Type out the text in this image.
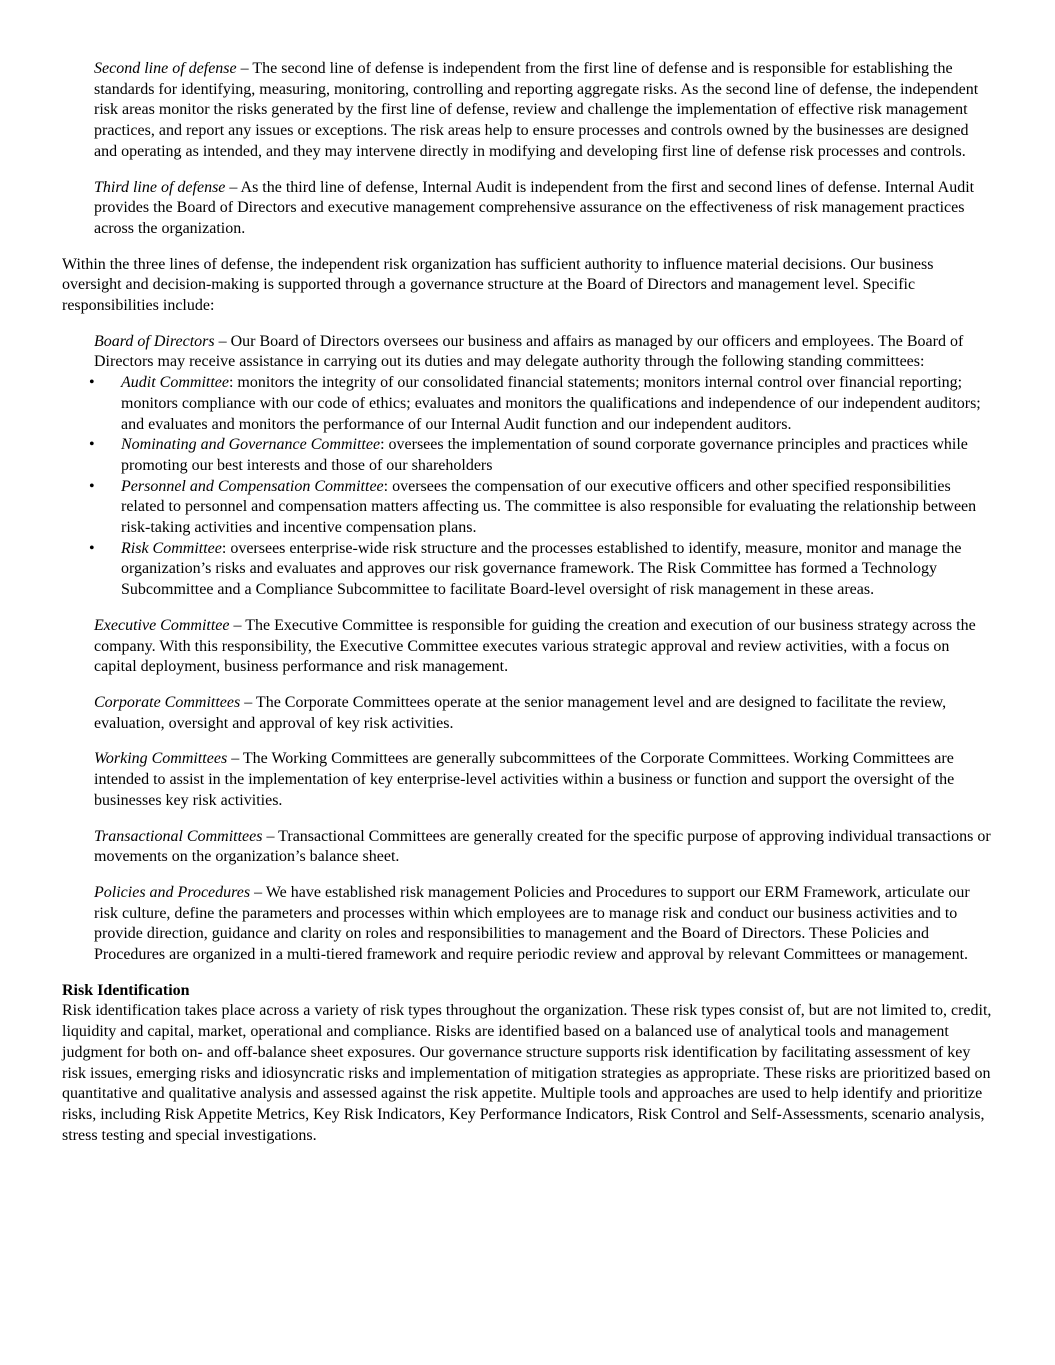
Second line of defense – The second line of defense is independent from the first line of defense and is responsible for establishing the standards for identifying, measuring, monitoring, controlling and reporting aggregate risks. As the second line of defense, the independent risk areas monitor the risks generated by the first line of defense, review and challenge the implementation of effective risk management practices, and report any issues or exceptions. The risk areas help to ensure processes and controls owned by the businesses are designed and operating as intended, and they may intervene directly in modifying and developing first line of defense risk processes and controls.

Third line of defense – As the third line of defense, Internal Audit is independent from the first and second lines of defense. Internal Audit provides the Board of Directors and executive management comprehensive assurance on the effectiveness of risk management practices across the organization.

Within the three lines of defense, the independent risk organization has sufficient authority to influence material decisions. Our business oversight and decision-making is supported through a governance structure at the Board of Directors and management level. Specific responsibilities include:

Board of Directors – Our Board of Directors oversees our business and affairs as managed by our officers and employees. The Board of Directors may receive assistance in carrying out its duties and may delegate authority through the following standing committees:

• Audit Committee: monitors the integrity of our consolidated financial statements; monitors internal control over financial reporting; monitors compliance with our code of ethics; evaluates and monitors the qualifications and independence of our independent auditors; and evaluates and monitors the performance of our Internal Audit function and our independent auditors.
• Nominating and Governance Committee: oversees the implementation of sound corporate governance principles and practices while promoting our best interests and those of our shareholders
• Personnel and Compensation Committee: oversees the compensation of our executive officers and other specified responsibilities related to personnel and compensation matters affecting us. The committee is also responsible for evaluating the relationship between risk-taking activities and incentive compensation plans.
• Risk Committee: oversees enterprise-wide risk structure and the processes established to identify, measure, monitor and manage the organization’s risks and evaluates and approves our risk governance framework. The Risk Committee has formed a Technology Subcommittee and a Compliance Subcommittee to facilitate Board-level oversight of risk management in these areas.

Executive Committee – The Executive Committee is responsible for guiding the creation and execution of our business strategy across the company. With this responsibility, the Executive Committee executes various strategic approval and review activities, with a focus on capital deployment, business performance and risk management.

Corporate Committees – The Corporate Committees operate at the senior management level and are designed to facilitate the review, evaluation, oversight and approval of key risk activities.

Working Committees – The Working Committees are generally subcommittees of the Corporate Committees. Working Committees are intended to assist in the implementation of key enterprise-level activities within a business or function and support the oversight of the businesses key risk activities.

Transactional Committees – Transactional Committees are generally created for the specific purpose of approving individual transactions or movements on the organization’s balance sheet.

Policies and Procedures – We have established risk management Policies and Procedures to support our ERM Framework, articulate our risk culture, define the parameters and processes within which employees are to manage risk and conduct our business activities and to provide direction, guidance and clarity on roles and responsibilities to management and the Board of Directors. These Policies and Procedures are organized in a multi-tiered framework and require periodic review and approval by relevant Committees or management.

Risk Identification

Risk identification takes place across a variety of risk types throughout the organization. These risk types consist of, but are not limited to, credit, liquidity and capital, market, operational and compliance. Risks are identified based on a balanced use of analytical tools and management judgment for both on- and off-balance sheet exposures. Our governance structure supports risk identification by facilitating assessment of key risk issues, emerging risks and idiosyncratic risks and implementation of mitigation strategies as appropriate. These risks are prioritized based on quantitative and qualitative analysis and assessed against the risk appetite. Multiple tools and approaches are used to help identify and prioritize risks, including Risk Appetite Metrics, Key Risk Indicators, Key Performance Indicators, Risk Control and Self-Assessments, scenario analysis, stress testing and special investigations.
